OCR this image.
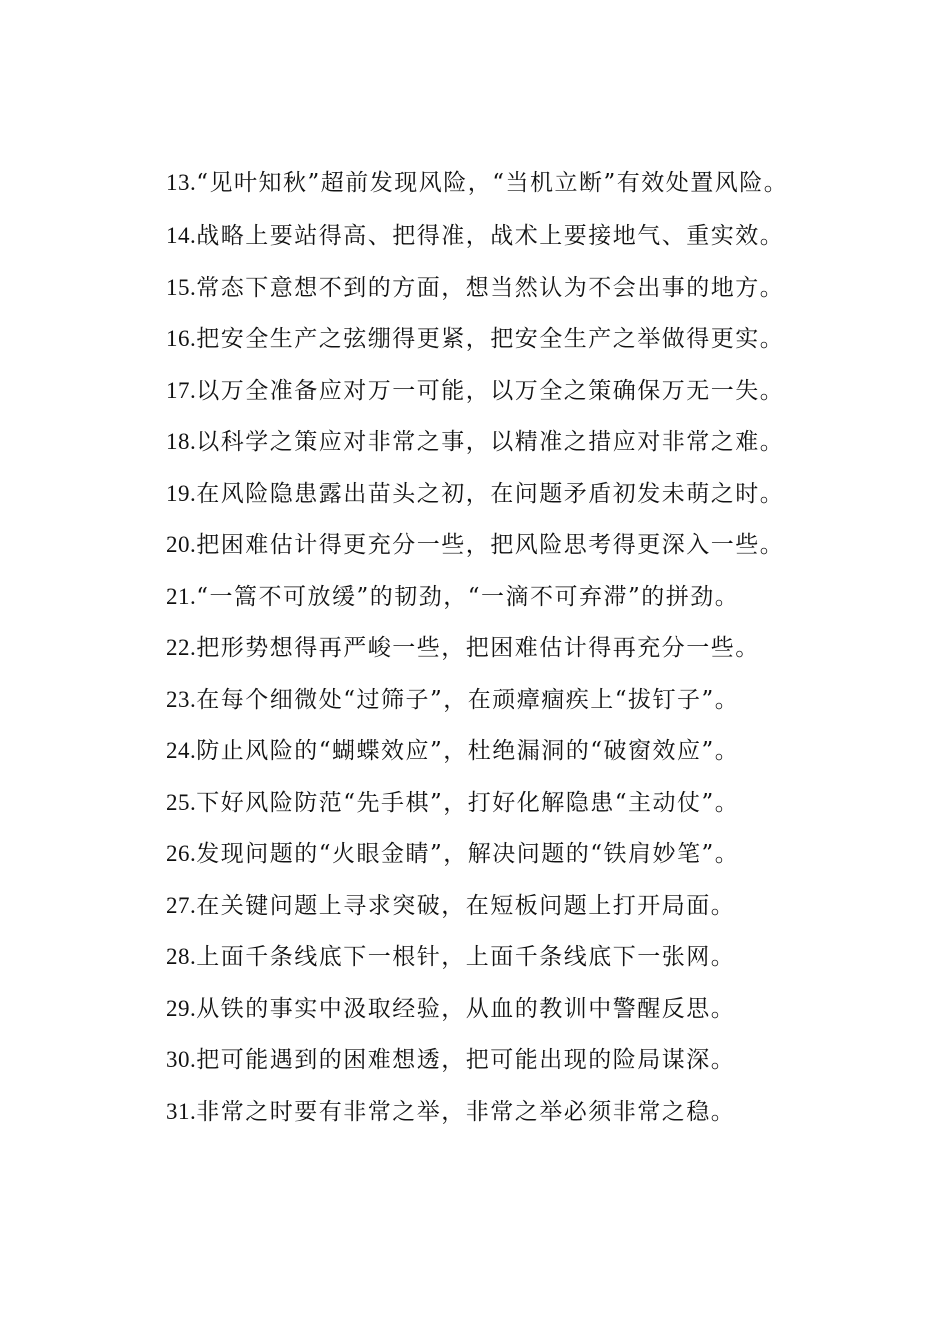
13.“见叶知秋”超前发现风险，“当机立断”有效处置风险。

14.战略上要站得高、把得准，战术上要接地气、重实效。

15.常态下意想不到的方面，想当然认为不会出事的地方。

16.把安全生产之弦绷得更紧，把安全生产之举做得更实。

17.以万全准备应对万一可能，以万全之策确保万无一失。

18.以科学之策应对非常之事，以精准之措应对非常之难。

19.在风险隐患露出苗头之初，在问题矛盾初发未萌之时。

20.把困难估计得更充分一些，把风险思考得更深入一些。

21.“一篙不可放缓”的韧劲，“一滴不可弃滞”的拼劲。

22.把形势想得再严峻一些，把困难估计得再充分一些。

23.在每个细微处“过筛子”，在顽瘴痼疾上“拔钉子”。

24.防止风险的“蝴蝶效应”，杜绝漏洞的“破窗效应”。

25.下好风险防范“先手棋”，打好化解隐患“主动仗”。

26.发现问题的“火眼金睛”，解决问题的“铁肩妙笔”。

27.在关键问题上寻求突破，在短板问题上打开局面。

28.上面千条线底下一根针，上面千条线底下一张网。

29.从铁的事实中汲取经验，从血的教训中警醒反思。

30.把可能遇到的困难想透，把可能出现的险局谋深。

31.非常之时要有非常之举，非常之举必须非常之稳。
